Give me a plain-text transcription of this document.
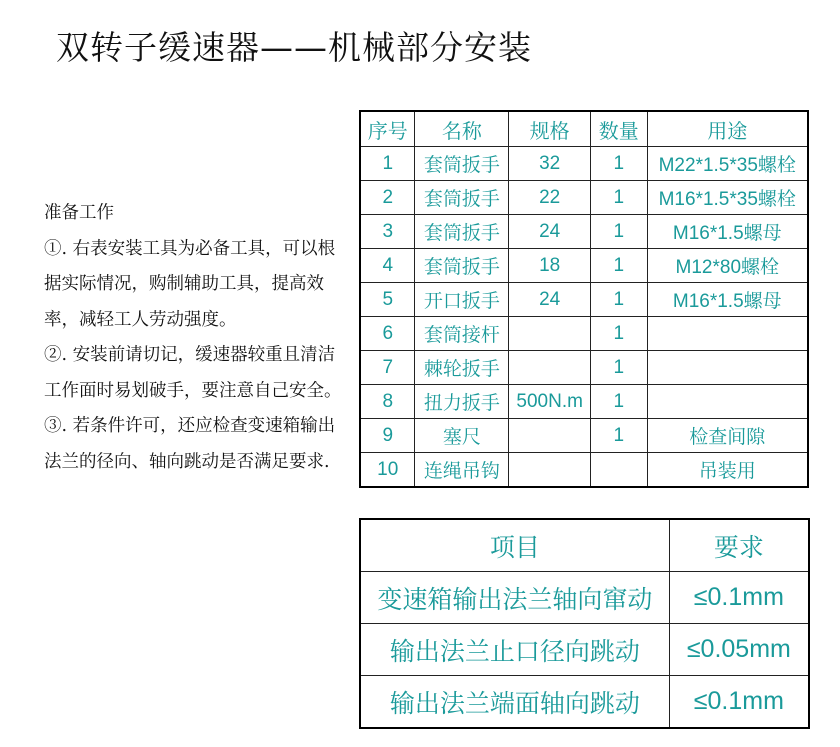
双转子缓速器——机械部分安装

准备工作

①. 右表安装工具为必备工具，可以根据实际情况，购制辅助工具，提高效率，减轻工人劳动强度。

②. 安装前请切记，缓速器较重且清洁工作面时易划破手，要注意自己安全。

③. 若条件许可，还应检查变速箱输出法兰的径向、轴向跳动是否满足要求.

序号	名称	规格	数量	用途
1	套筒扳手	32	1	M22*1.5*35螺栓
2	套筒扳手	22	1	M16*1.5*35螺栓
3	套筒扳手	24	1	M16*1.5螺母
4	套筒扳手	18	1	M12*80螺栓
5	开口扳手	24	1	M16*1.5螺母
6	套筒接杆		1	
7	棘轮扳手		1	
8	扭力扳手	500N.m	1	
9	塞尺		1	检查间隙
10	连绳吊钩			吊装用
项目	要求
变速箱输出法兰轴向窜动	≤0.1mm
输出法兰止口径向跳动	≤0.05mm
输出法兰端面轴向跳动	≤0.1mm
